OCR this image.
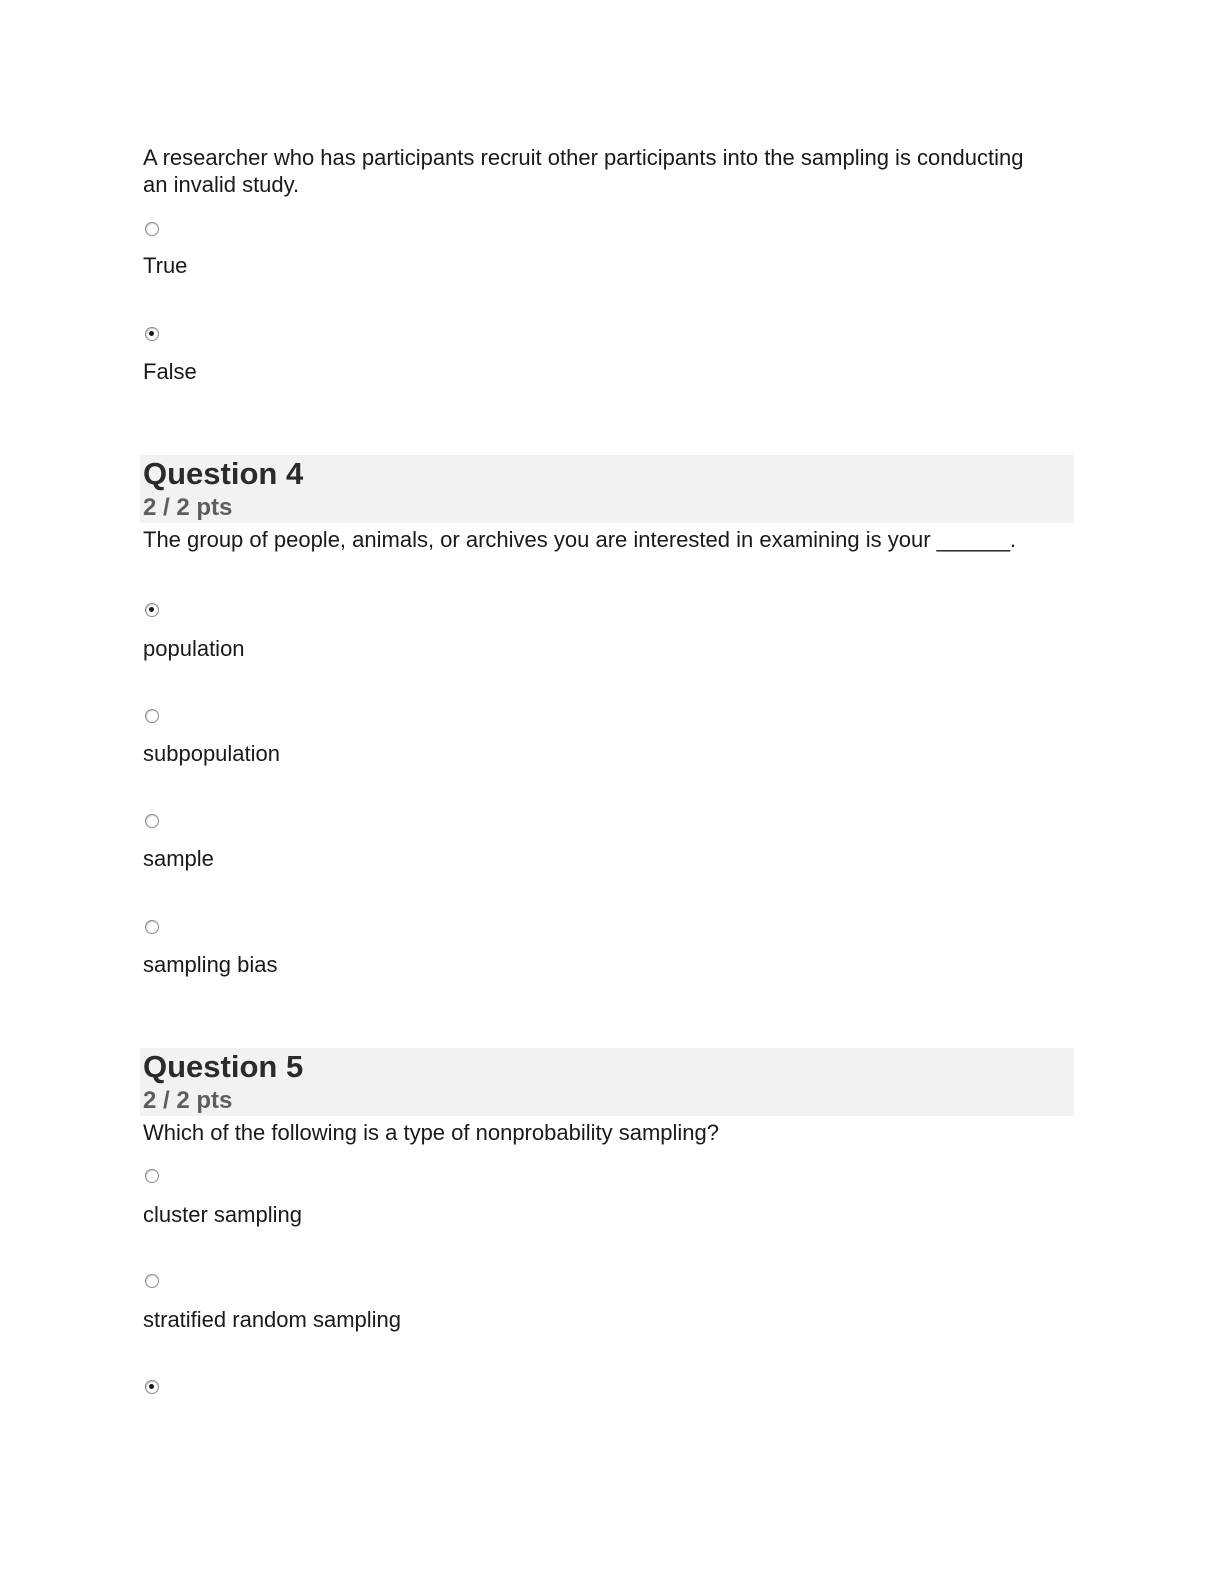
A researcher who has participants recruit other participants into the sampling is conducting an invalid study.
True
False
Question 4
2 / 2 pts
The group of people, animals, or archives you are interested in examining is your ______.
population
subpopulation
sample
sampling bias
Question 5
2 / 2 pts
Which of the following is a type of nonprobability sampling?
cluster sampling
stratified random sampling
